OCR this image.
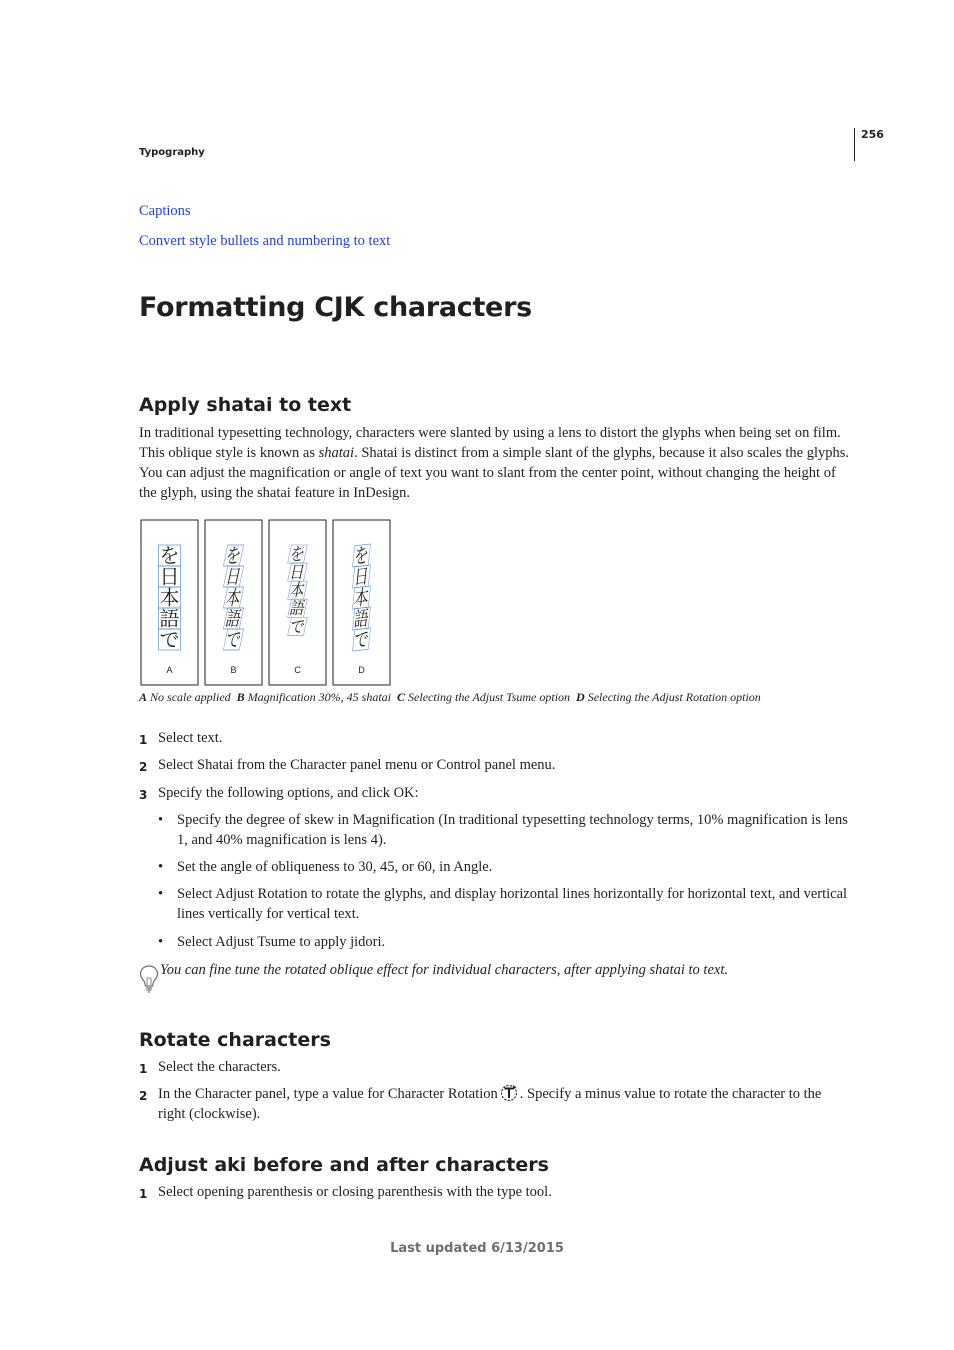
256
Typography
Captions
Convert style bullets and numbering to text
Formatting CJK characters
Apply shatai to text

In traditional typesetting technology, characters were slanted by using a lens to distort the glyphs when being set on film. This oblique style is known as shatai. Shatai is distinct from a simple slant of the glyphs, because it also scales the glyphs. You can adjust the magnification or angle of text you want to slant from the center point, without changing the height of the glyph, using the shatai feature in InDesign.

を
日
本
語
で
A
を
日
本
語
で
B
を
日
本
語
で
C
を
日
本
語
で
D
A No scale applied B Magnification 30%, 45 shatai C Selecting the Adjust Tsume option D Selecting the Adjust Rotation option
1 Select text.
2 Select Shatai from the Character panel menu or Control panel menu.
3 Specify the following options, and click OK:
• Specify the degree of skew in Magnification (In traditional typesetting technology terms, 10% magnification is lens 1, and 40% magnification is lens 4).
• Set the angle of obliqueness to 30, 45, or 60, in Angle.
• Select Adjust Rotation to rotate the glyphs, and display horizontal lines horizontally for horizontal text, and vertical lines vertically for vertical text.
• Select Adjust Tsume to apply jidori.
You can fine tune the rotated oblique effect for individual characters, after applying shatai to text.
Rotate characters
1 Select the characters.
2 In the Character panel, type a value for Character Rotation . Specify a minus value to rotate the character to the right (clockwise).
Adjust aki before and after characters
1 Select opening parenthesis or closing parenthesis with the type tool.
Last updated 6/13/2015
